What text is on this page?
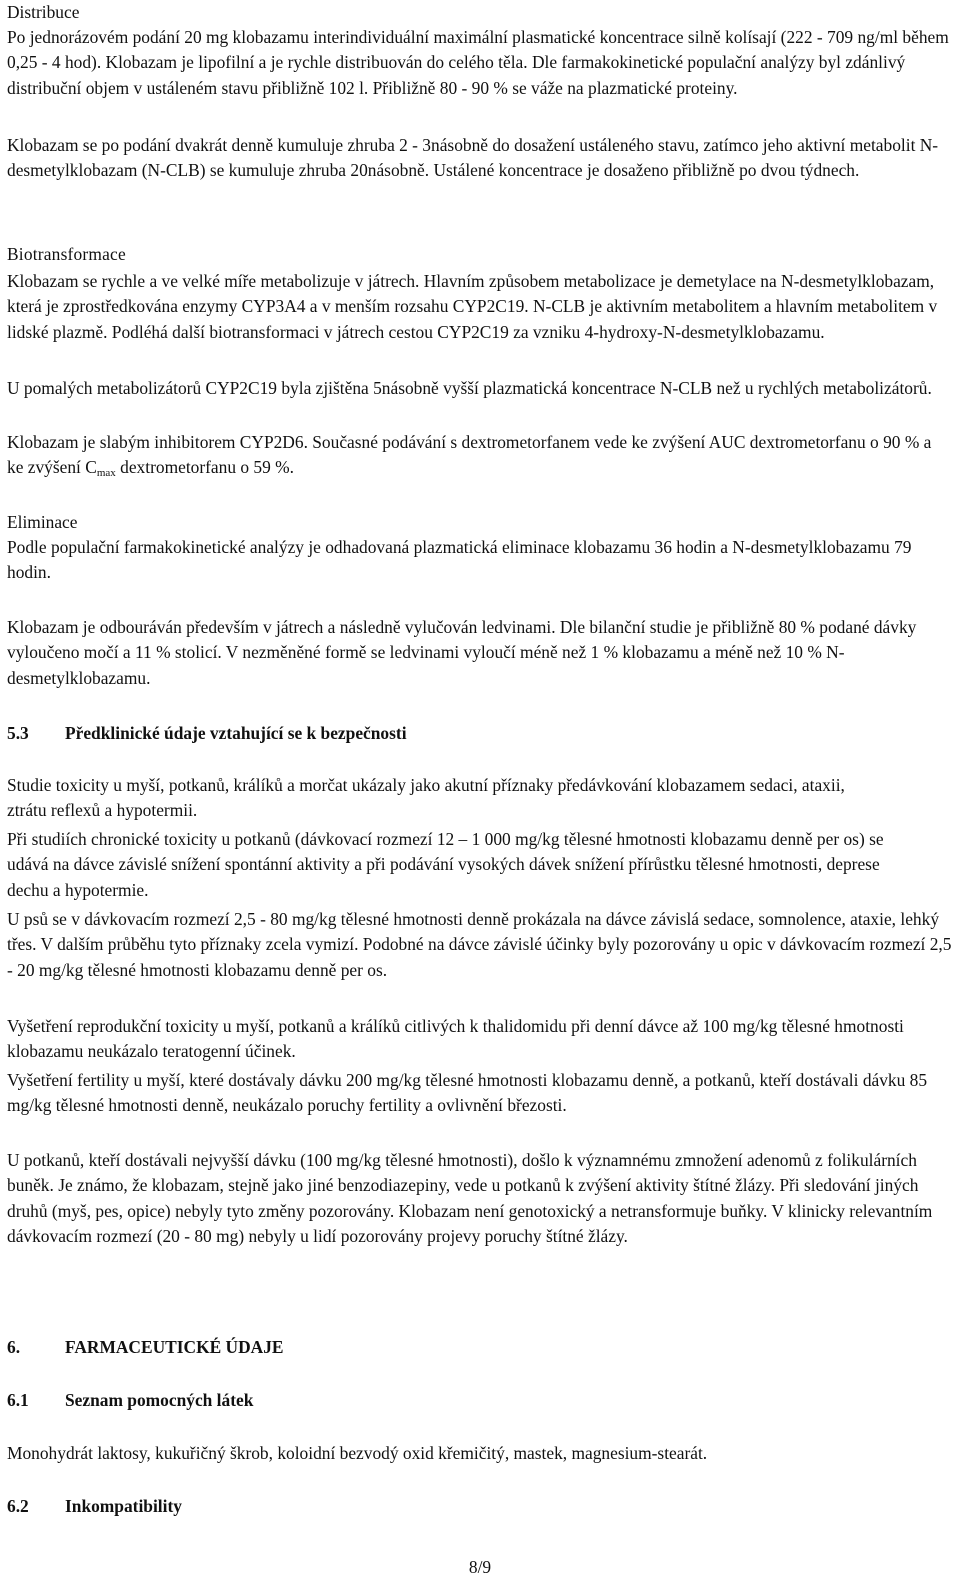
Distribuce

Po jednorázovém podání 20 mg klobazamu interindividuální maximální plasmatické koncentrace silně kolísají (222 - 709 ng/ml během 0,25 - 4 hod). Klobazam je lipofilní a je rychle distribuován do celého těla. Dle farmakokinetické populační analýzy byl zdánlivý distribuční objem v ustáleném stavu přibližně 102 l. Přibližně 80 - 90 % se váže na plazmatické proteiny.

Klobazam se po podání dvakrát denně kumuluje zhruba 2 - 3násobně do dosažení ustáleného stavu, zatímco jeho aktivní metabolit N-desmetylklobazam (N-CLB) se kumuluje zhruba 20násobně. Ustálené koncentrace je dosaženo přibližně po dvou týdnech.

Biotransformace

Klobazam se rychle a ve velké míře metabolizuje v játrech. Hlavním způsobem metabolizace je demetylace na N-desmetylklobazam, která je zprostředkována enzymy CYP3A4 a v menším rozsahu CYP2C19. N-CLB je aktivním metabolitem a hlavním metabolitem v lidské plazmě. Podléhá další biotransformaci v játrech cestou CYP2C19 za vzniku 4-hydroxy-N-desmetylklobazamu.

U pomalých metabolizátorů CYP2C19 byla zjištěna 5násobně vyšší plazmatická koncentrace N-CLB než u rychlých metabolizátorů.

Klobazam je slabým inhibitorem CYP2D6. Současné podávání s dextrometorfanem vede ke zvýšení AUC dextrometorfanu o 90 % a ke zvýšení $C_{max}$ dextrometorfanu o 59 %.

Eliminace

Podle populační farmakokinetické analýzy je odhadovaná plazmatická eliminace klobazamu 36 hodin a N-desmetylklobazamu 79 hodin.

Klobazam je odbouráván především v játrech a následně vylučován ledvinami. Dle bilanční studie je přibližně 80 % podané dávky vyloučeno močí a 11 % stolicí. V nezměněné formě se ledvinami vyloučí méně než 1 % klobazamu a méně než 10 % N-desmetylklobazamu.

5.3 Předklinické údaje vztahující se k bezpečnosti

Studie toxicity u myší, potkanů, králíků a morčat ukázaly jako akutní příznaky předávkování klobazamem sedaci, ataxii, ztrátu reflexů a hypotermii.

Při studiích chronické toxicity u potkanů (dávkovací rozmezí 12 – 1 000 mg/kg tělesné hmotnosti klobazamu denně per os) se udává na dávce závislé snížení spontánní aktivity a při podávání vysokých dávek snížení přírůstku tělesné hmotnosti, deprese dechu a hypotermie.

U psů se v dávkovacím rozmezí 2,5 - 80 mg/kg tělesné hmotnosti denně prokázala na dávce závislá sedace, somnolence, ataxie, lehký třes. V dalším průběhu tyto příznaky zcela vymizí. Podobné na dávce závislé účinky byly pozorovány u opic v dávkovacím rozmezí 2,5 - 20 mg/kg tělesné hmotnosti klobazamu denně per os.

Vyšetření reprodukční toxicity u myší, potkanů a králíků citlivých k thalidomidu při denní dávce až 100 mg/kg tělesné hmotnosti klobazamu neukázalo teratogenní účinek.

Vyšetření fertility u myší, které dostávaly dávku 200 mg/kg tělesné hmotnosti klobazamu denně, a potkanů, kteří dostávali dávku 85 mg/kg tělesné hmotnosti denně, neukázalo poruchy fertility a ovlivnění březosti.

U potkanů, kteří dostávali nejvyšší dávku (100 mg/kg tělesné hmotnosti), došlo k významnému zmnožení adenomů z folikulárních buněk. Je známo, že klobazam, stejně jako jiné benzodiazepiny, vede u potkanů k zvýšení aktivity štítné žlázy. Při sledování jiných druhů (myš, pes, opice) nebyly tyto změny pozorovány. Klobazam není genotoxický a netransformuje buňky. V klinicky relevantním dávkovacím rozmezí (20 - 80 mg) nebyly u lidí pozorovány projevy poruchy štítné žlázy.

6.	FARMACEUTICKÉ ÚDAJE
6.1 Seznam pomocných látek

Monohydrát laktosy, kukuřičný škrob, koloidní bezvodý oxid křemičitý, mastek, magnesium-stearát.

6.2 Inkompatibility
8/9
